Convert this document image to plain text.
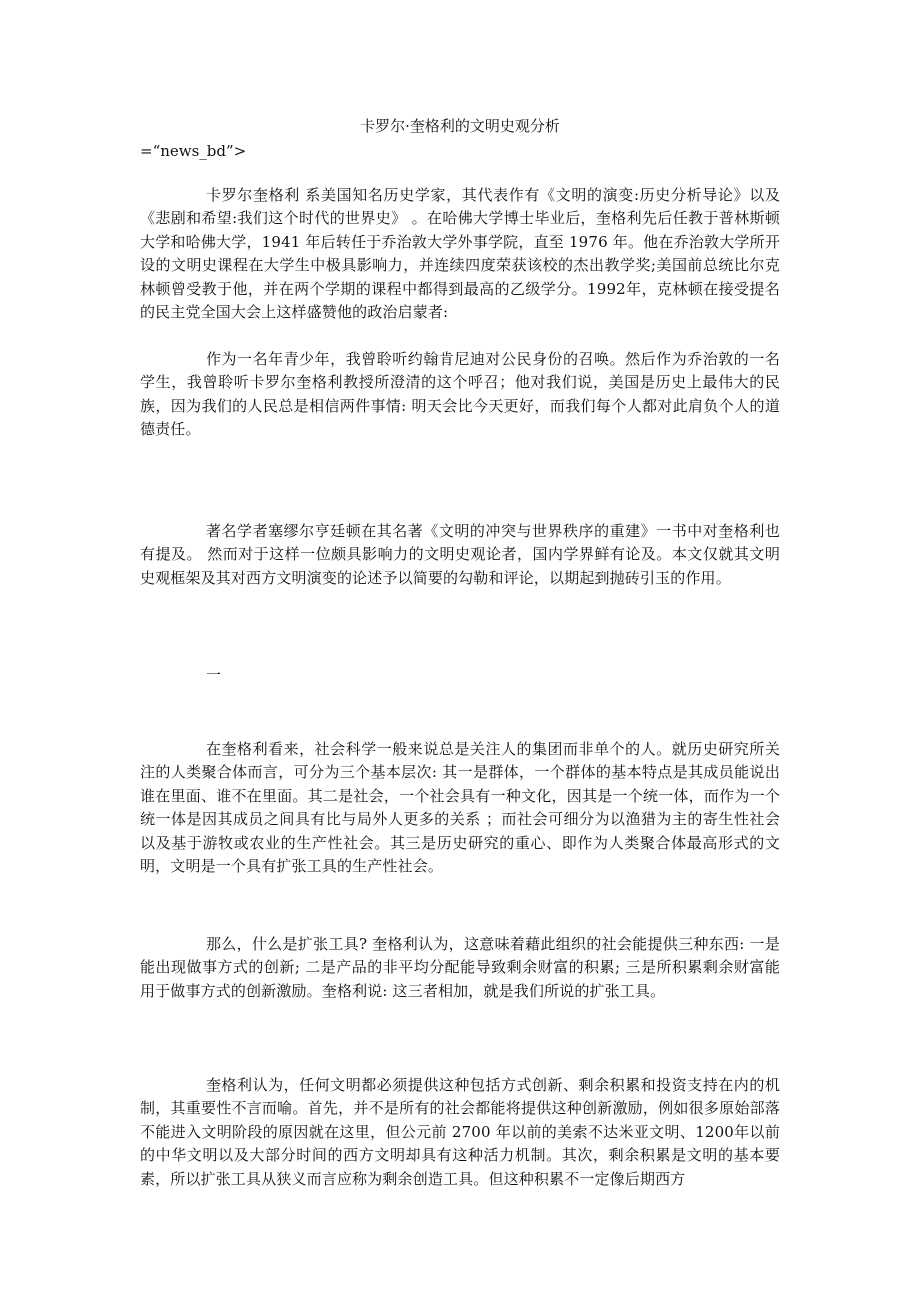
卡罗尔·奎格利的文明史观分析
=“news_bd”>

卡罗尔奎格利 系美国知名历史学家，其代表作有《文明的演变:历史分析导论》以及《悲剧和希望:我们这个时代的世界史》 。在哈佛大学博士毕业后，奎格利先后任教于普林斯顿大学和哈佛大学，1941 年后转任于乔治敦大学外事学院，直至 1976 年。他在乔治敦大学所开设的文明史课程在大学生中极具影响力，并连续四度荣获该校的杰出教学奖;美国前总统比尔克林顿曾受教于他，并在两个学期的课程中都得到最高的乙级学分。1992年，克林顿在接受提名的民主党全国大会上这样盛赞他的政治启蒙者:

作为一名年青少年，我曾聆听约翰肯尼迪对公民身份的召唤。然后作为乔治敦的一名学生，我曾聆听卡罗尔奎格利教授所澄清的这个呼召；他对我们说，美国是历史上最伟大的民族，因为我们的人民总是相信两件事情: 明天会比今天更好，而我们每个人都对此肩负个人的道德责任。

著名学者塞缪尔亨廷顿在其名著《文明的冲突与世界秩序的重建》一书中对奎格利也有提及。 然而对于这样一位颇具影响力的文明史观论者，国内学界鲜有论及。本文仅就其文明史观框架及其对西方文明演变的论述予以简要的勾勒和评论，以期起到抛砖引玉的作用。

一

在奎格利看来，社会科学一般来说总是关注人的集团而非单个的人。就历史研究所关注的人类聚合体而言，可分为三个基本层次: 其一是群体，一个群体的基本特点是其成员能说出谁在里面、谁不在里面。其二是社会，一个社会具有一种文化，因其是一个统一体，而作为一个统一体是因其成员之间具有比与局外人更多的关系 ；而社会可细分为以渔猎为主的寄生性社会以及基于游牧或农业的生产性社会。其三是历史研究的重心、即作为人类聚合体最高形式的文明，文明是一个具有扩张工具的生产性社会。

那么，什么是扩张工具? 奎格利认为，这意味着藉此组织的社会能提供三种东西: 一是能出现做事方式的创新; 二是产品的非平均分配能导致剩余财富的积累; 三是所积累剩余财富能用于做事方式的创新激励。奎格利说: 这三者相加，就是我们所说的扩张工具。

奎格利认为，任何文明都必须提供这种包括方式创新、剩余积累和投资支持在内的机制，其重要性不言而喻。首先，并不是所有的社会都能将提供这种创新激励，例如很多原始部落不能进入文明阶段的原因就在这里，但公元前 2700 年以前的美索不达米亚文明、1200年以前的中华文明以及大部分时间的西方文明却具有这种活力机制。其次，剩余积累是文明的基本要素，所以扩张工具从狭义而言应称为剩余创造工具。但这种积累不一定像后期西方
